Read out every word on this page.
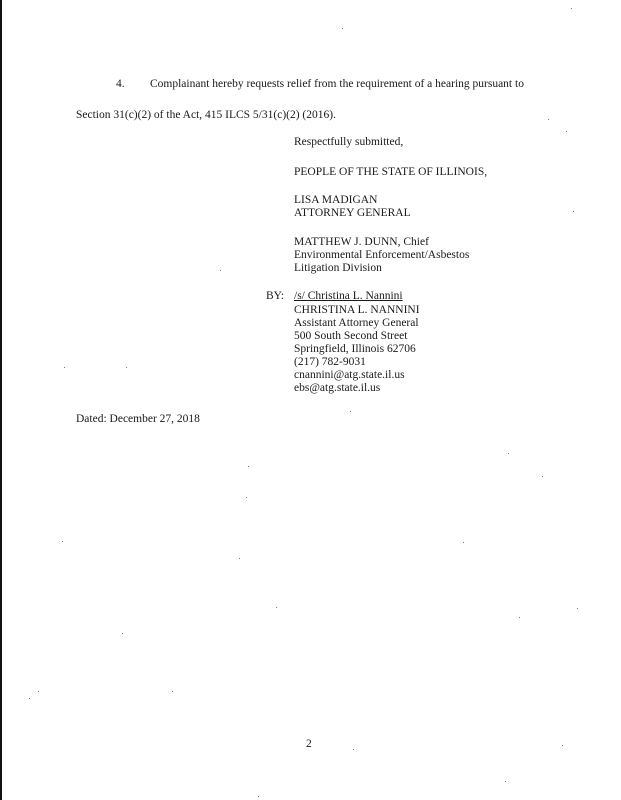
4. Complainant hereby requests relief from the requirement of a hearing pursuant to
Section 31(c)(2) of the Act, 415 ILCS 5/31(c)(2) (2016).
Respectfully submitted,
PEOPLE OF THE STATE OF ILLINOIS,
LISA MADIGAN
ATTORNEY GENERAL
MATTHEW J. DUNN, Chief
Environmental Enforcement/Asbestos
Litigation Division
BY: /s/ Christina L. Nannini
CHRISTINA L. NANNINI
Assistant Attorney General
500 South Second Street
Springfield, Illinois 62706
(217) 782-9031
cnannini@atg.state.il.us
ebs@atg.state.il.us
Dated: December 27, 2018
2
